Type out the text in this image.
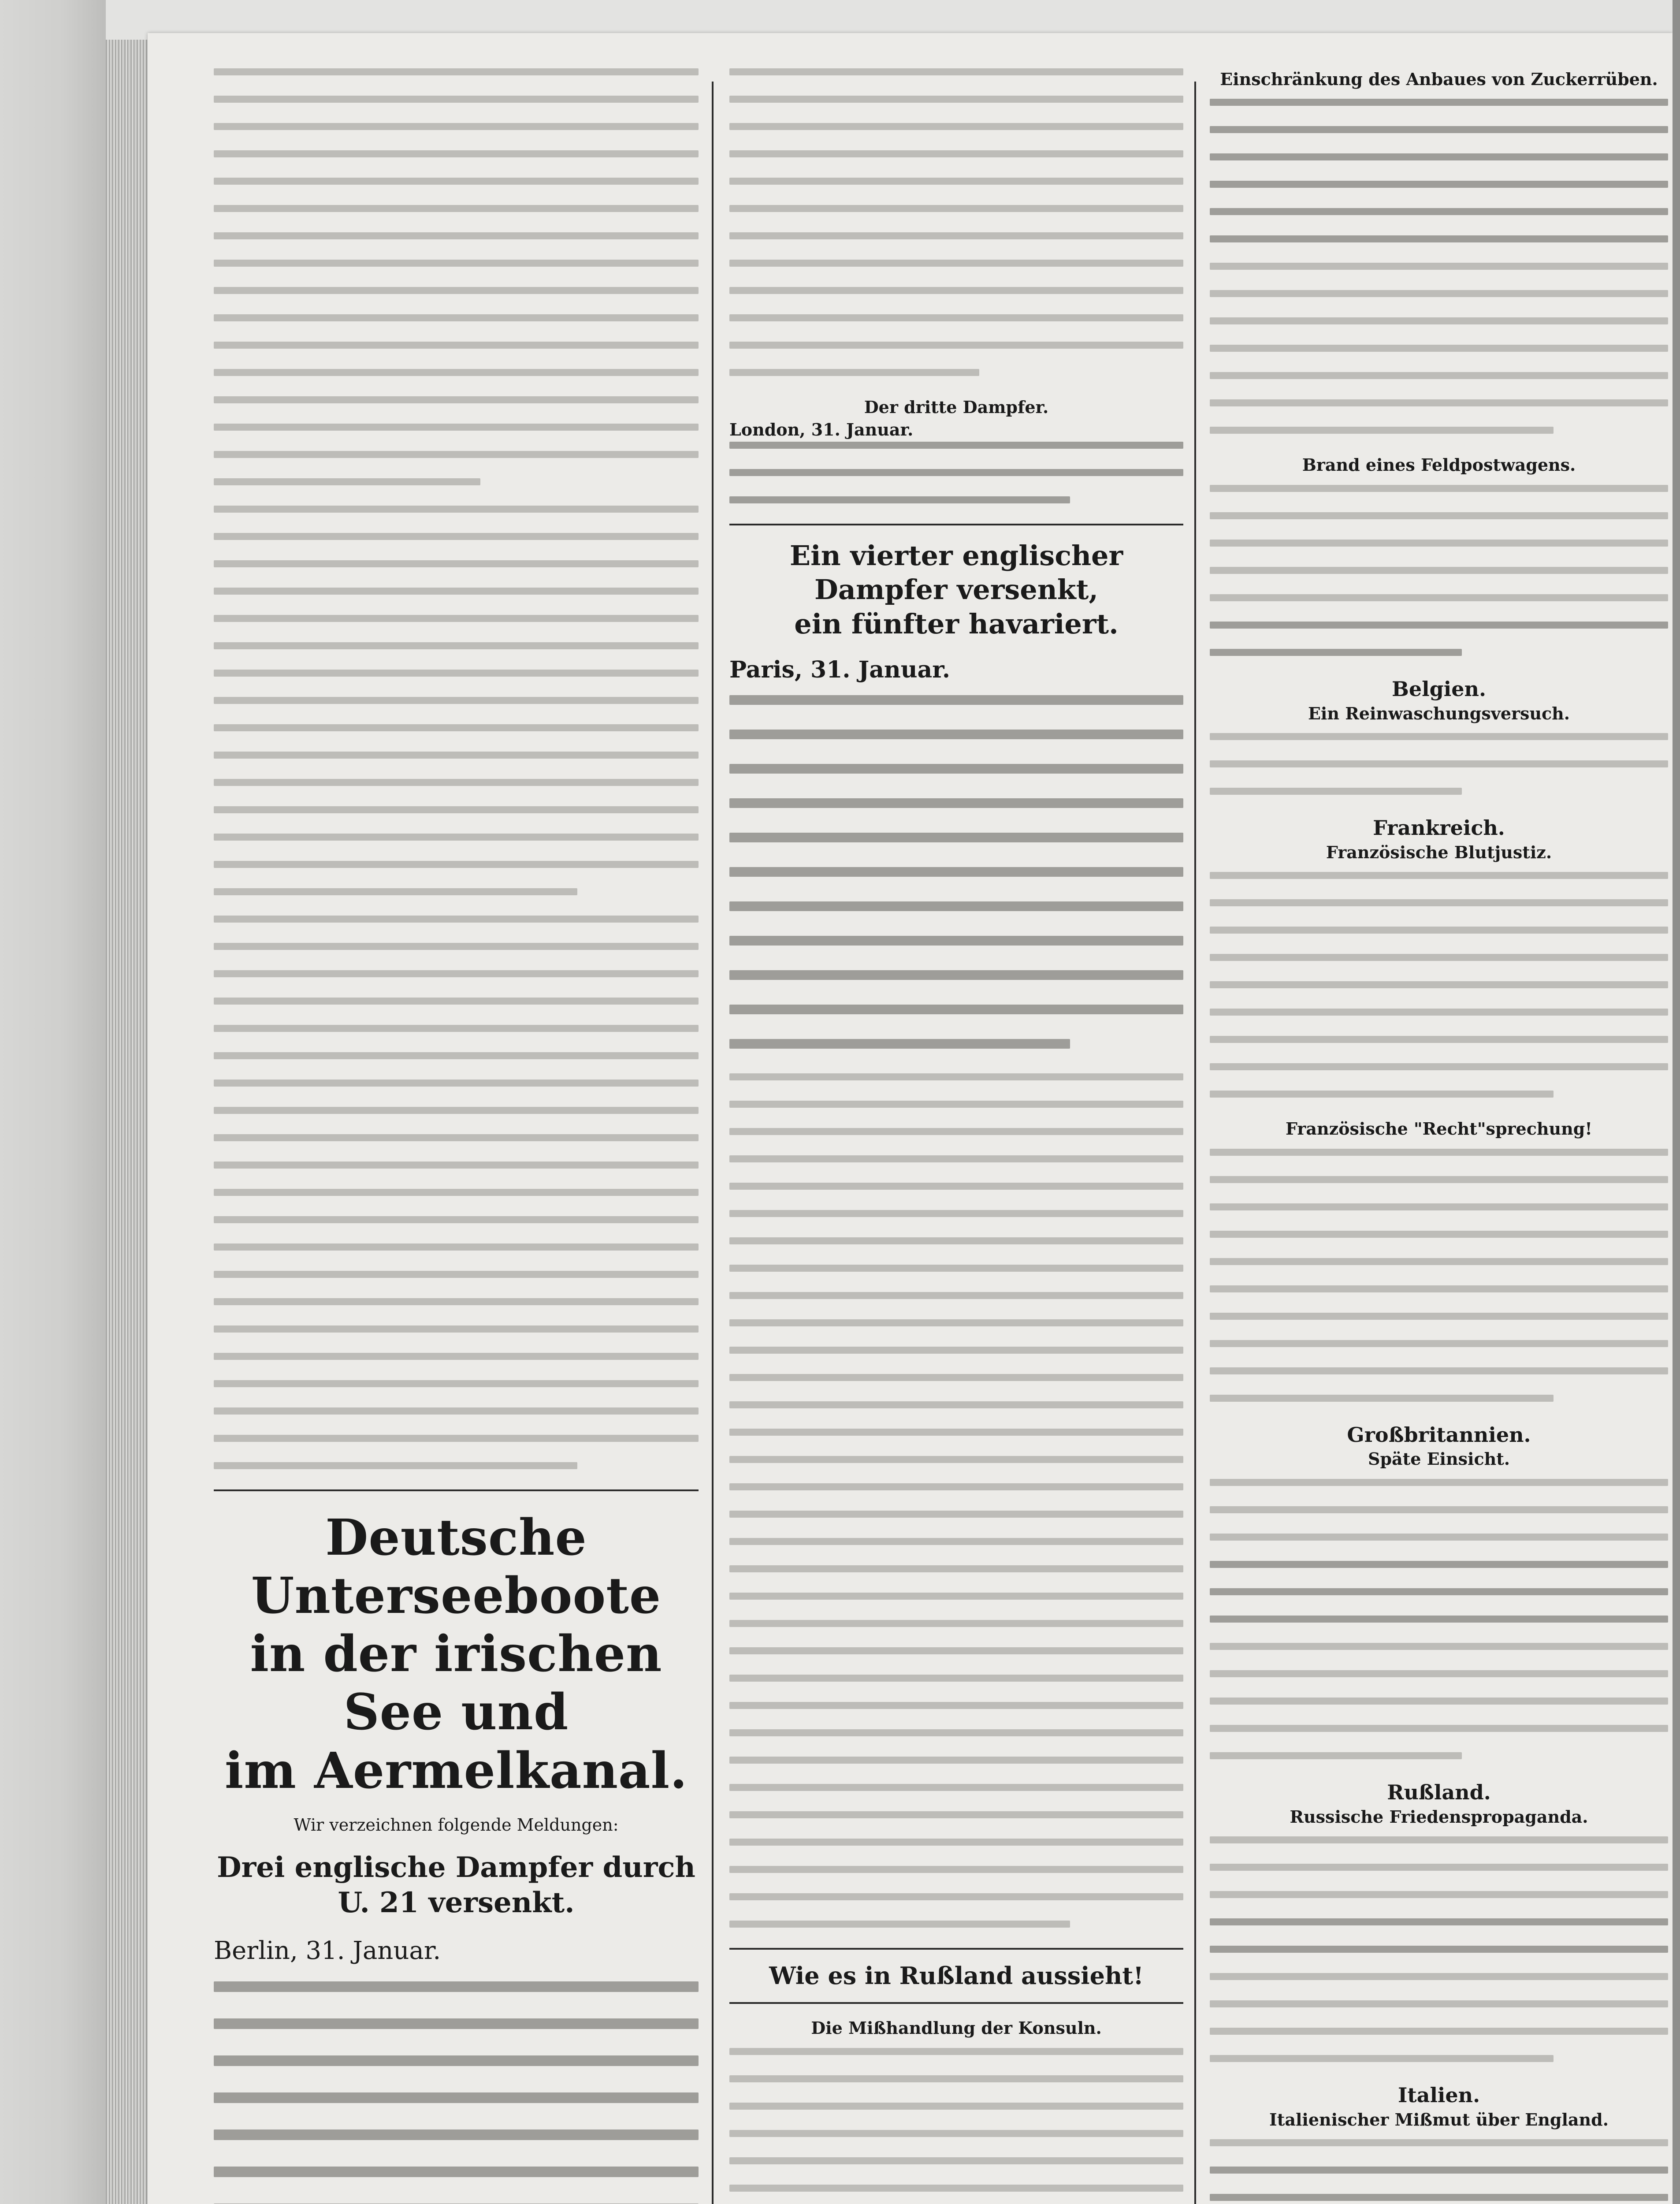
Deutsche Unterseeboote

in der irischen See und

im Aermelkanal.

Wir verzeichnen folgende Meldungen:

Drei englische Dampfer durch U. 21 versenkt.

Berlin, 31. Januar.

Der dritte Dampfer.

London, 31. Januar.

Ein vierter englischer Dampfer versenkt,

ein fünfter havariert.

Paris, 31. Januar.

Wie es in Rußland aussieht!

Die Mißhandlung der Konsuln.

Einschränkung des Anbaues von Zuckerrüben.

Brand eines Feldpostwagens.

Belgien.

Ein Reinwaschungsversuch.

Frankreich.

Französische Blutjustiz.

Französische "Recht"sprechung!

Großbritannien.

Späte Einsicht.

Rußland.

Russische Friedenspropaganda.

Italien.

Italienischer Mißmut über England.
